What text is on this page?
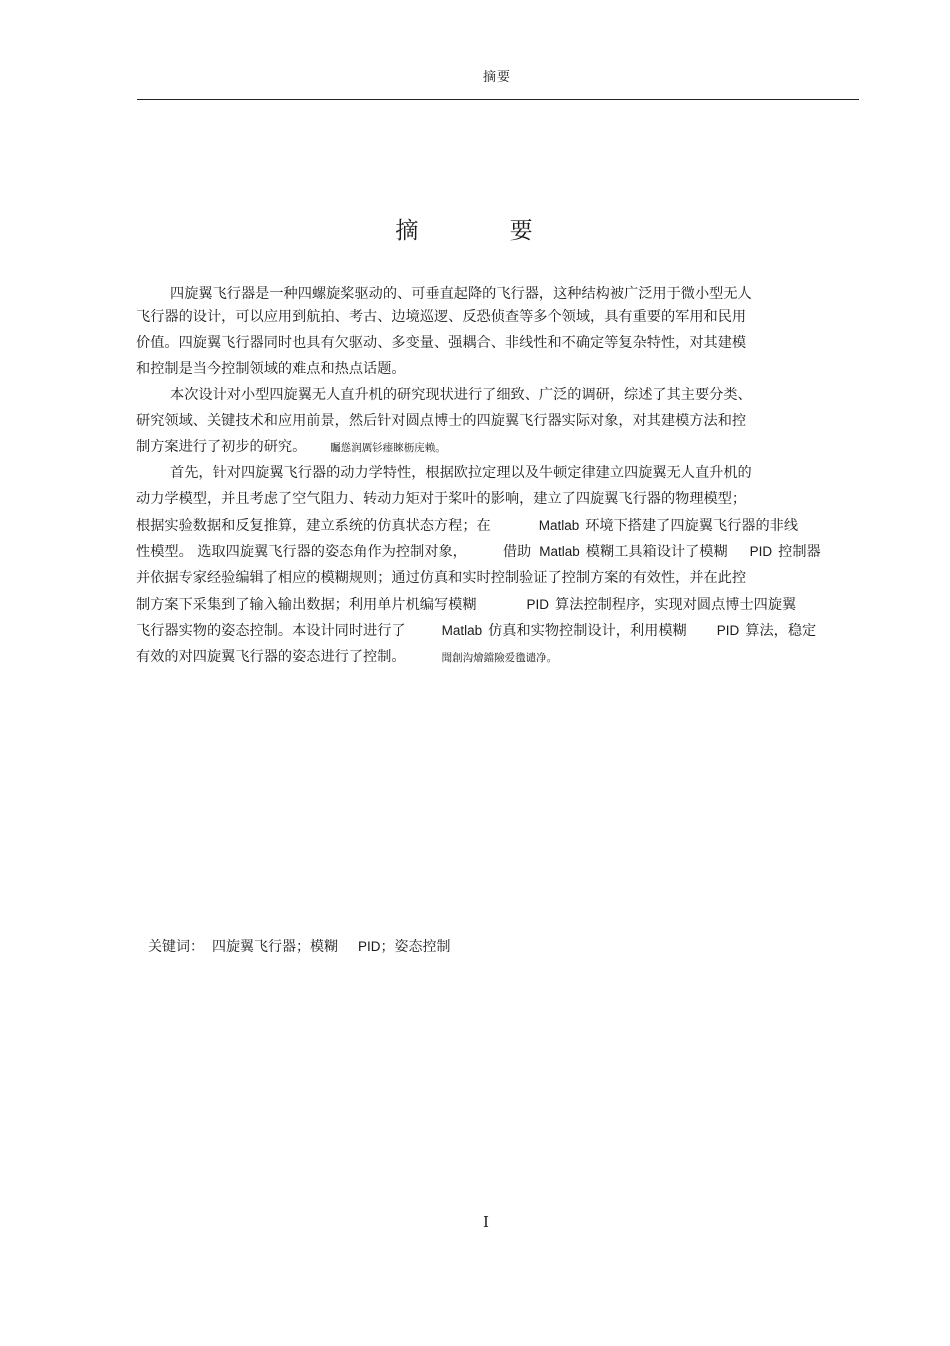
摘要
摘 要
四旋翼飞行器是一种四螺旋桨驱动的、可垂直起降的飞行器，这种结构被广泛用于微小型无人
飞行器的设计，可以应用到航拍、考古、边境巡逻、反恐侦查等多个领域，具有重要的军用和民用
价值。四旋翼飞行器同时也具有欠驱动、多变量、强耦合、非线性和不确定等复杂特性，对其建模
和控制是当今控制领域的难点和热点话题。
本次设计对小型四旋翼无人直升机的研究现状进行了细致、广泛的调研，综述了其主要分类、
研究领域、关键技术和应用前景，然后针对圆点博士的四旋翼飞行器实际对象，对其建模方法和控
制方案进行了初步的研究。 矚慫润厲钐瘗睞枥庑赖。
首先，针对四旋翼飞行器的动力学特性，根据欧拉定理以及牛顿定律建立四旋翼无人直升机的
动力学模型，并且考虑了空气阻力、转动力矩对于桨叶的影响，建立了四旋翼飞行器的物理模型；
根据实验数据和反复推算，建立系统的仿真状态方程；在	Matlab 环境下搭建了四旋翼飞行器的非线
性模型。 选取四旋翼飞行器的姿态角作为控制对象，	借助 Matlab 模糊工具箱设计了模糊 PID 控制器
并依据专家经验编辑了相应的模糊规则；通过仿真和实时控制验证了控制方案的有效性，并在此控
制方案下采集到了输入输出数据；利用单片机编写模糊	PID 算法控制程序，实现对圆点博士四旋翼
飞行器实物的姿态控制。本设计同时进行了	Matlab 仿真和实物控制设计，利用模糊 PID 算法，稳定
有效的对四旋翼飞行器的姿态进行了控制。	聞創沟燴鐺險爱氇谴净。
关键词： 四旋翼飞行器；模糊 PID；姿态控制
I
